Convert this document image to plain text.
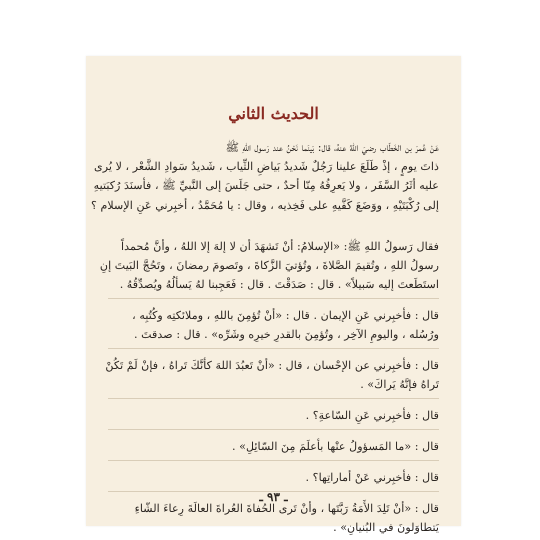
الحديث الثاني
عَنْ عُمرَ بن الخَطّاب رضيَ اللهُ عنهُ، قال: بَينَما نَحْنُ عند رَسول اللهِ ﷺ
ذاتَ يومٍ ، إذْ طَلَعَ علينا رَجُلٌ شَديدُ بَياضِ الثِّياب ، شَديدُ سَوادِ الشَّعْر ، لا يُرى
عليه أثَرُ السَّفَر ، ولا يَعرِفُهُ مِنّا أحدٌ ، حتى جَلَسَ إلى النَّبيِّ ﷺ ، فأسنَدَ رُكبَتيهِ
إلى رُكْبَتَيْهِ ، ووَضَعَ كَفَّيهِ على فَخِذيه ، وقال : يا مُحَمَّدُ ، أخبِرني عَنِ الإسلام ؟
فقال رَسولُ اللهِ ﷺ: «الإسلامُ: أنْ تَشهَدَ أن لا إلهَ إلا اللهُ ، وأنَّ مُحمداً
رسولُ اللهِ ، وتُقيمَ الصَّلاةَ ، وتُؤتيَ الزَّكاةَ ، وتَصومَ رمضانَ ، وتَحُجَّ البَيتَ إنِ
استَطَعتَ إليه سَبيلاً» . قال : صَدَقْتَ . قال : فَعَجِبنا لهُ يَسألُهُ ويُصدِّقُهُ .
قال : فأخبِرني عَنِ الإيمان . قال : «أنْ تُؤمِنَ باللهِ ، وملائكتِه وكُتُبِه ،
ورُسُله ، واليومِ الآخِر ، وتُؤمِنَ بالقدرِ خيرِه وشَرِّه» . قال : صدقتَ .
قال : فأخبِرني عن الإحْسان ، قال : «أنْ تَعبُدَ اللهَ كأنَّكَ تَراهُ ، فإنْ لَمْ تَكُنْ
تَراهُ فإنَّهُ يَراكَ» .
قال : فأخبِرني عَنِ السّاعةِ؟ .
قال : «ما المَسؤولُ عنْها بأعلَمَ مِنَ السّائِلِ» .
قال : فأخبِرني عَنْ أماراتِها؟ .
قال : «أنْ تَلِدَ الأَمَةُ رَبَّتَها ، وأنْ تَرى الحُفاةَ العُراةَ العالَةَ رِعاءَ الشّاءِ
يَتطاوَلونَ في البُنيانِ» .
ـ ٩٣ ـ
